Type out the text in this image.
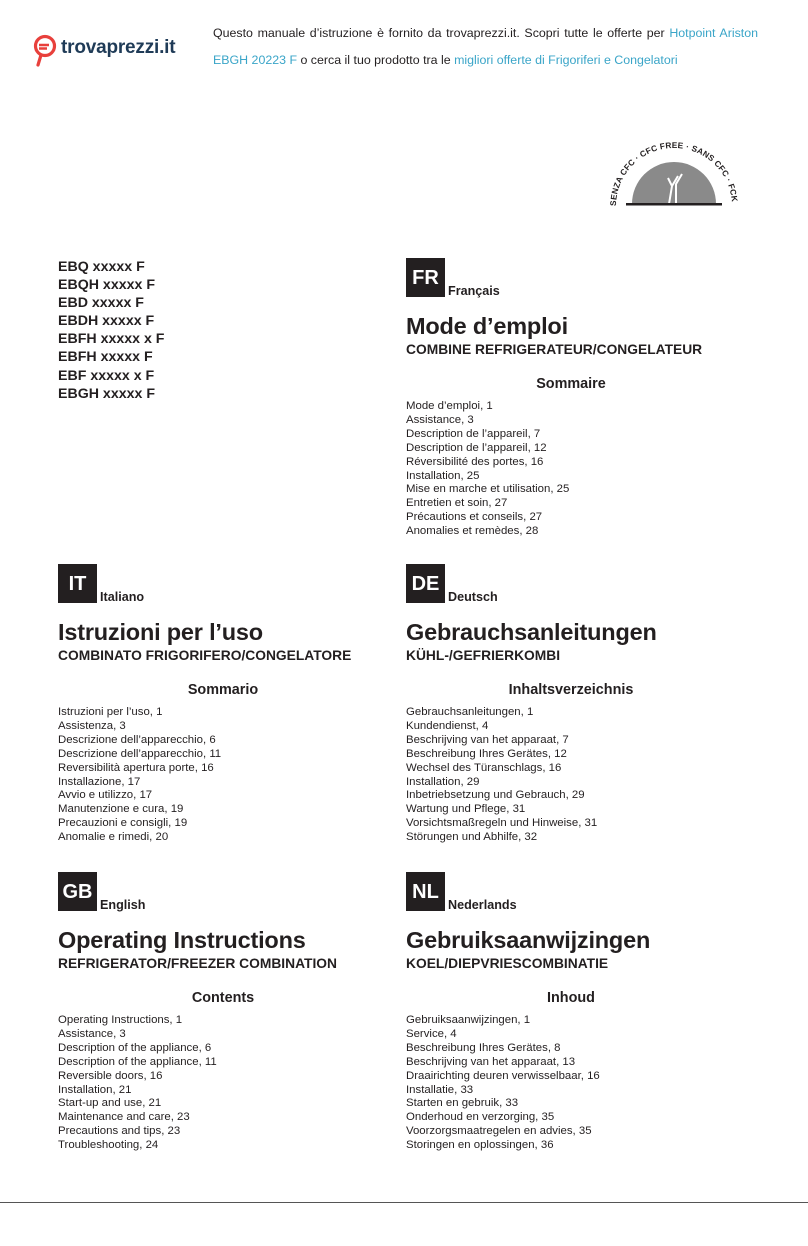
trovaprezzi.it
Questo manuale d’istruzione è fornito da trovaprezzi.it. Scopri tutte le offerte per Hotpoint Ariston
EBGH 20223 F o cerca il tuo prodotto tra le migliori offerte di Frigoriferi e Congelatori
SENZA CFC · CFC FREE · SANS CFC · FCK
EBQ xxxxx F
EBQH xxxxx F
EBD xxxxx F
EBDH xxxxx F
EBFH xxxxx x F
EBFH xxxxx F
EBF xxxxx x F
EBGH xxxxx F
FR
Français
Mode d’emploi
COMBINE REFRIGERATEUR/CONGELATEUR
Sommaire
Mode d’emploi, 1
Assistance, 3
Description de l’appareil, 7
Description de l’appareil, 12
Réversibilité des portes, 16
Installation, 25
Mise en marche et utilisation, 25
Entretien et soin, 27
Précautions et conseils, 27
Anomalies et remèdes, 28
IT
Italiano
Istruzioni per l’uso
COMBINATO FRIGORIFERO/CONGELATORE
Sommario
Istruzioni per l’uso, 1
Assistenza, 3
Descrizione dell’apparecchio, 6
Descrizione dell’apparecchio, 11
Reversibilità apertura porte, 16
Installazione, 17
Avvio e utilizzo, 17
Manutenzione e cura, 19
Precauzioni e consigli, 19
Anomalie e rimedi, 20
DE
Deutsch
Gebrauchsanleitungen
KÜHL-/GEFRIERKOMBI
Inhaltsverzeichnis
Gebrauchsanleitungen, 1
Kundendienst, 4
Beschrijving van het apparaat, 7
Beschreibung Ihres Gerätes, 12
Wechsel des Türanschlags, 16
Installation, 29
Inbetriebsetzung und Gebrauch, 29
Wartung und Pflege, 31
Vorsichtsmaßregeln und Hinweise, 31
Störungen und Abhilfe, 32
GB
English
Operating Instructions
REFRIGERATOR/FREEZER COMBINATION
Contents
Operating Instructions, 1
Assistance, 3
Description of the appliance, 6
Description of the appliance, 11
Reversible doors, 16
Installation, 21
Start-up and use, 21
Maintenance and care, 23
Precautions and tips, 23
Troubleshooting, 24
NL
Nederlands
Gebruiksaanwijzingen
KOEL/DIEPVRIESCOMBINATIE
Inhoud
Gebruiksaanwijzingen, 1
Service, 4
Beschreibung Ihres Gerätes, 8
Beschrijving van het apparaat, 13
Draairichting deuren verwisselbaar, 16
Installatie, 33
Starten en gebruik, 33
Onderhoud en verzorging, 35
Voorzorgsmaatregelen en advies, 35
Storingen en oplossingen, 36
